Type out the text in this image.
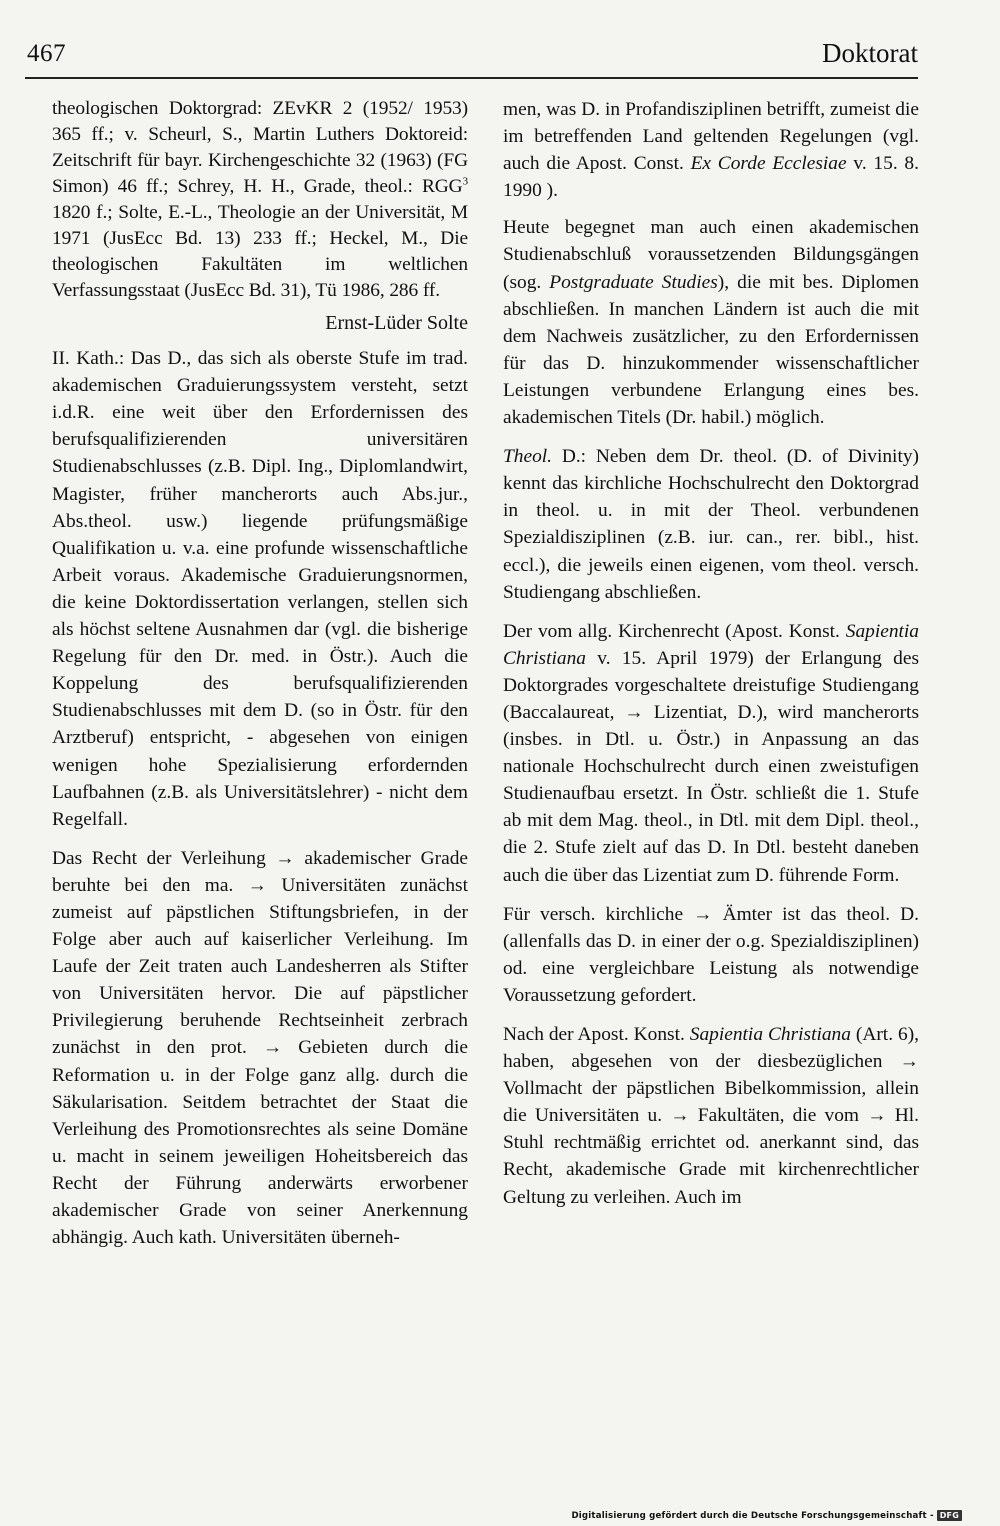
467	Doktorat

theologischen Doktorgrad: ZEvKR 2 (1952/ 1953) 365 ff.; v. Scheurl, S., Martin Luthers Doktoreid: Zeitschrift für bayr. Kirchengeschichte 32 (1963) (FG Simon) 46 ff.; Schrey, H. H., Grade, theol.: RGG$^3$ 1820 f.; Solte, E.-L., Theologie an der Universität, M 1971 (JusEcc Bd. 13) 233 ff.; Heckel, M., Die theologischen Fakultäten im weltlichen Verfassungsstaat (JusEcc Bd. 31), Tü 1986, 286 ff.

Ernst-Lüder Solte

II. Kath.: Das D., das sich als oberste Stufe im trad. akademischen Graduierungssystem versteht, setzt i.d.R. eine weit über den Erfordernissen des berufsqualifizierenden universitären Studienabschlusses (z.B. Dipl. Ing., Diplomlandwirt, Magister, früher mancherorts auch Abs.jur., Abs.theol. usw.) liegende prüfungsmäßige Qualifikation u. v.a. eine profunde wissenschaftliche Arbeit voraus. Akademische Graduierungsnormen, die keine Doktordissertation verlangen, stellen sich als höchst seltene Ausnahmen dar (vgl. die bisherige Regelung für den Dr. med. in Östr.). Auch die Koppelung des berufsqualifizierenden Studienabschlusses mit dem D. (so in Östr. für den Arztberuf) entspricht, - abgesehen von einigen wenigen hohe Spezialisierung erfordernden Laufbahnen (z.B. als Universitätslehrer) - nicht dem Regelfall.

Das Recht der Verleihung → akademischer Grade beruhte bei den ma. → Universitäten zunächst zumeist auf päpstlichen Stiftungsbriefen, in der Folge aber auch auf kaiserlicher Verleihung. Im Laufe der Zeit traten auch Landesherren als Stifter von Universitäten hervor. Die auf päpstlicher Privilegierung beruhende Rechtseinheit zerbrach zunächst in den prot. → Gebieten durch die Reformation u. in der Folge ganz allg. durch die Säkularisation. Seitdem betrachtet der Staat die Verleihung des Promotionsrechtes als seine Domäne u. macht in seinem jeweiligen Hoheitsbereich das Recht der Führung anderwärts erworbener akademischer Grade von seiner Anerkennung abhängig. Auch kath. Universitäten überneh-

men, was D. in Profandisziplinen betrifft, zumeist die im betreffenden Land geltenden Regelungen (vgl. auch die Apost. Const. Ex Corde Ecclesiae v. 15. 8. 1990 ).

Heute begegnet man auch einen akademischen Studienabschluß voraussetzenden Bildungsgängen (sog. Postgraduate Studies), die mit bes. Diplomen abschließen. In manchen Ländern ist auch die mit dem Nachweis zusätzlicher, zu den Erfordernissen für das D. hinzukommender wissenschaftlicher Leistungen verbundene Erlangung eines bes. akademischen Titels (Dr. habil.) möglich.

Theol. D.: Neben dem Dr. theol. (D. of Divinity) kennt das kirchliche Hochschulrecht den Doktorgrad in theol. u. in mit der Theol. verbundenen Spezialdisziplinen (z.B. iur. can., rer. bibl., hist. eccl.), die jeweils einen eigenen, vom theol. versch. Studiengang abschließen.

Der vom allg. Kirchenrecht (Apost. Konst. Sapientia Christiana v. 15. April 1979) der Erlangung des Doktorgrades vorgeschaltete dreistufige Studiengang (Baccalaureat, → Lizentiat, D.), wird mancherorts (insbes. in Dtl. u. Östr.) in Anpassung an das nationale Hochschulrecht durch einen zweistufigen Studienaufbau ersetzt. In Östr. schließt die 1. Stufe ab mit dem Mag. theol., in Dtl. mit dem Dipl. theol., die 2. Stufe zielt auf das D. In Dtl. besteht daneben auch die über das Lizentiat zum D. führende Form.

Für versch. kirchliche → Ämter ist das theol. D. (allenfalls das D. in einer der o.g. Spezialdisziplinen) od. eine vergleichbare Leistung als notwendige Voraussetzung gefordert.

Nach der Apost. Konst. Sapientia Christiana (Art. 6), haben, abgesehen von der diesbezüglichen → Vollmacht der päpstlichen Bibelkommission, allein die Universitäten u. → Fakultäten, die vom → Hl. Stuhl rechtmäßig errichtet od. anerkannt sind, das Recht, akademische Grade mit kirchenrechtlicher Geltung zu verleihen. Auch im

Digitalisierung gefördert durch die Deutsche Forschungsgemeinschaft - DFG
